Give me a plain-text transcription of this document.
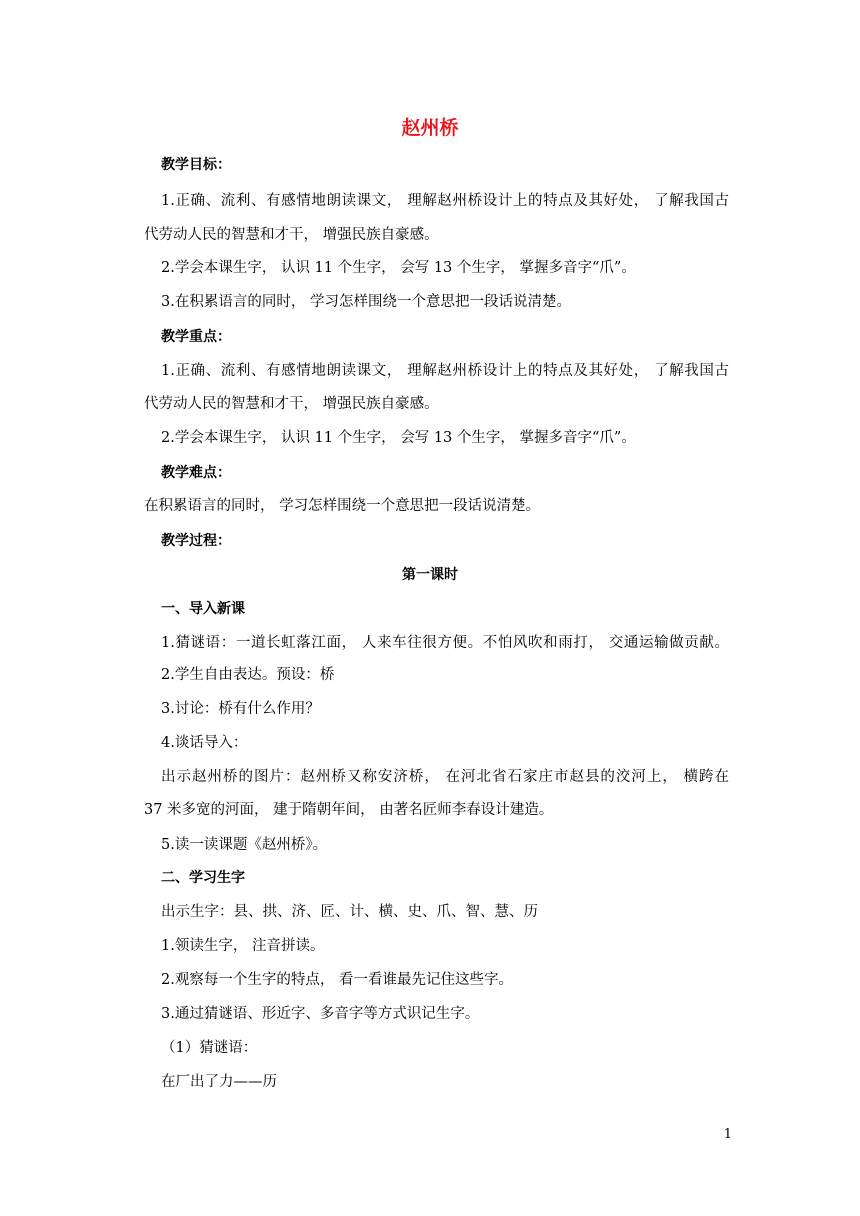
赵州桥
教学目标：
1.正确、流利、有感情地朗读课文， 理解赵州桥设计上的特点及其好处， 了解我国古
代劳动人民的智慧和才干， 增强民族自豪感。
2.学会本课生字， 认识 11 个生字， 会写 13 个生字， 掌握多音字“爪”。
3.在积累语言的同时， 学习怎样围绕一个意思把一段话说清楚。
教学重点：
1.正确、流利、有感情地朗读课文， 理解赵州桥设计上的特点及其好处， 了解我国古
代劳动人民的智慧和才干， 增强民族自豪感。
2.学会本课生字， 认识 11 个生字， 会写 13 个生字， 掌握多音字“爪”。
教学难点：
在积累语言的同时， 学习怎样围绕一个意思把一段话说清楚。
教学过程：
第一课时
一、导入新课
1.猜谜语：一道长虹落江面， 人来车往很方便。不怕风吹和雨打， 交通运输做贡献。
2.学生自由表达。预设：桥
3.讨论：桥有什么作用？
4.谈话导入：
出示赵州桥的图片：赵州桥又称安济桥， 在河北省石家庄市赵县的洨河上， 横跨在
37 米多宽的河面， 建于隋朝年间， 由著名匠师李春设计建造。
5.读一读课题《赵州桥》。
二、学习生字
出示生字：县、拱、济、匠、计、横、史、爪、智、慧、历
1.领读生字， 注音拼读。
2.观察每一个生字的特点， 看一看谁最先记住这些字。
3.通过猜谜语、形近字、多音字等方式识记生字。
（1）猜谜语：
在厂出了力——历
1
